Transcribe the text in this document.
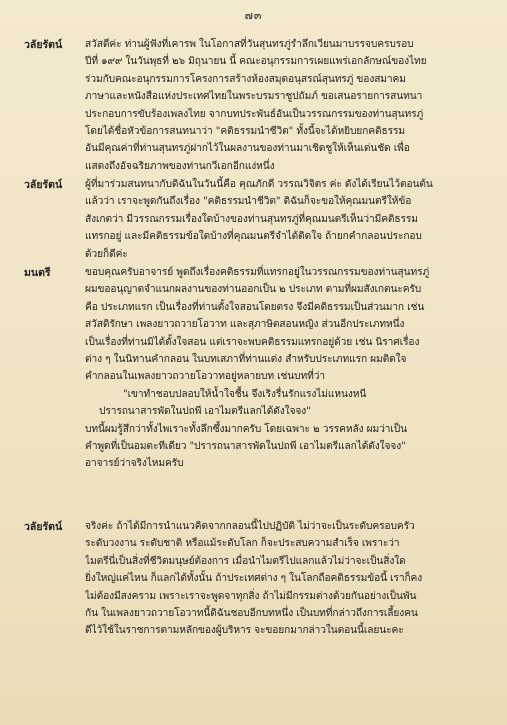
๗๓
วลัยรัตน์ สวัสดีค่ะ ท่านผู้ฟังที่เคารพ ในโอกาสที่วันสุนทรภู่รำลึกเวียนมาบรรจบครบรอบ
ปีที่ ๑๙๙ ในวันพุธที่ ๒๖ มิถุนายน นี้ คณะอนุกรรมการเผยแพร่เอกลักษณ์ของไทย
ร่วมกับคณะอนุกรรมการโครงการสร้างห้องสมุดอนุสรณ์สุนทรภู่ ของสมาคม
ภาษาและหนังสือแห่งประเทศไทยในพระบรมราชูปถัมภ์ ขอเสนอรายการสนทนา
ประกอบการขับร้องเพลงไทย จากบทประพันธ์อันเป็นวรรณกรรมของท่านสุนทรภู่
โดยได้ชื่อหัวข้อการสนทนาว่า "คติธรรมนำชีวิต" ทั้งนี้จะได้หยิบยกคติธรรม
อันมีคุณค่าที่ท่านสุนทรภู่ฝากไว้ในผลงานของท่านมาเชิดชูให้เห็นเด่นชัด เพื่อ
แสดงถึงอัจฉริยภาพของท่านกวีเอกอีกแง่หนึ่ง
วลัยรัตน์ ผู้ที่มาร่วมสนทนากับดิฉันในวันนี้คือ คุณภักดี วรรณวิจิตร ค่ะ ดังได้เรียนไว้ตอนต้น
แล้วว่า เราจะพูดกันถึงเรื่อง "คติธรรมนำชีวิต" ดิฉันก็จะขอให้คุณมนตรีให้ข้อ
สังเกตว่า มีวรรณกรรมเรื่องใดบ้างของท่านสุนทรภู่ที่คุณมนตรีเห็นว่ามีคติธรรม
แทรกอยู่ และมีคติธรรมข้อใดบ้างที่คุณมนตรีจำได้ติดใจ ถ้ายกคำกลอนประกอบ
ด้วยก็ดีค่ะ
มนตรี	ขอบคุณครับอาจารย์ พูดถึงเรื่องคติธรรมที่แทรกอยู่ในวรรณกรรมของท่านสุนทรภู่
ผมขออนุญาตจำแนกผลงานของท่านออกเป็น ๒ ประเภท ตามที่ผมสังเกตนะครับ
คือ ประเภทแรก เป็นเรื่องที่ท่านตั้งใจสอนโดยตรง จึงมีคติธรรมเป็นส่วนมาก เช่น
สวัสดิรักษา เพลงยาวถวายโอวาท และสุภาษิตสอนหญิง ส่วนอีกประเภทหนึ่ง
เป็นเรื่องที่ท่านมิได้ตั้งใจสอน แต่เราจะพบคติธรรมแทรกอยู่ด้วย เช่น นิราศเรื่อง
ต่าง ๆ ในนิทานคำกลอน ในบทเสภาที่ท่านแต่ง สำหรับประเภทแรก ผมติดใจ
คำกลอนในเพลงยาวถวายโอวาทอยู่หลายบท เช่นบทที่ว่า
"เขาทำชอบปลอบให้น้ำใจชื้น จึงเริงรื่นรักแรงไม่แหนงหนี
ปรารถนาสารพัดในปถพี เอาไมตรีแลกได้ดังใจจง"
บทนี้ผมรู้สึกว่าทั้งไพเราะทั้งลึกซึ้งมากครับ โดยเฉพาะ ๒ วรรคหลัง ผมว่าเป็น
คำพูดที่เป็นอมตะทีเดียว "ปรารถนาสารพัดในปถพี เอาไมตรีแลกได้ดังใจจง"
อาจารย์ว่าจริงไหมครับ
วลัยรัตน์ จริงค่ะ ถ้าได้มีการนำแนวคิดจากกลอนนี้ไปปฏิบัติ ไม่ว่าจะเป็นระดับครอบครัว
ระดับวงงาน ระดับชาติ หรือแม้ระดับโลก ก็จะประสบความสำเร็จ เพราะว่า
ไมตรีนี่เป็นสิ่งที่ชีวิตมนุษย์ต้องการ เมื่อนำไมตรีไปแลกแล้วไม่ว่าจะเป็นสิ่งใด
ยิ่งใหญ่แค่ไหน ก็แลกได้ทั้งนั้น ถ้าประเทศต่าง ๆ ในโลกถือคติธรรมข้อนี้ เราก็คง
ไม่ต้องมีสงคราม เพราะเราจะพูดจาทุกสิ่ง ถ้าไม่มีกรรมต่างด้วยกันอย่างเป็นพัน
กัน ในเพลงยาวถวายโอวาทนี้ดิฉันชอบอีกบทหนึ่ง เป็นบทที่กล่าวถึงการเลี้ยงคน
ดีไว้ใช้ในราชการตามหลักของผู้บริหาร จะขอยกมากล่าวในตอนนี้เลยนะคะ
